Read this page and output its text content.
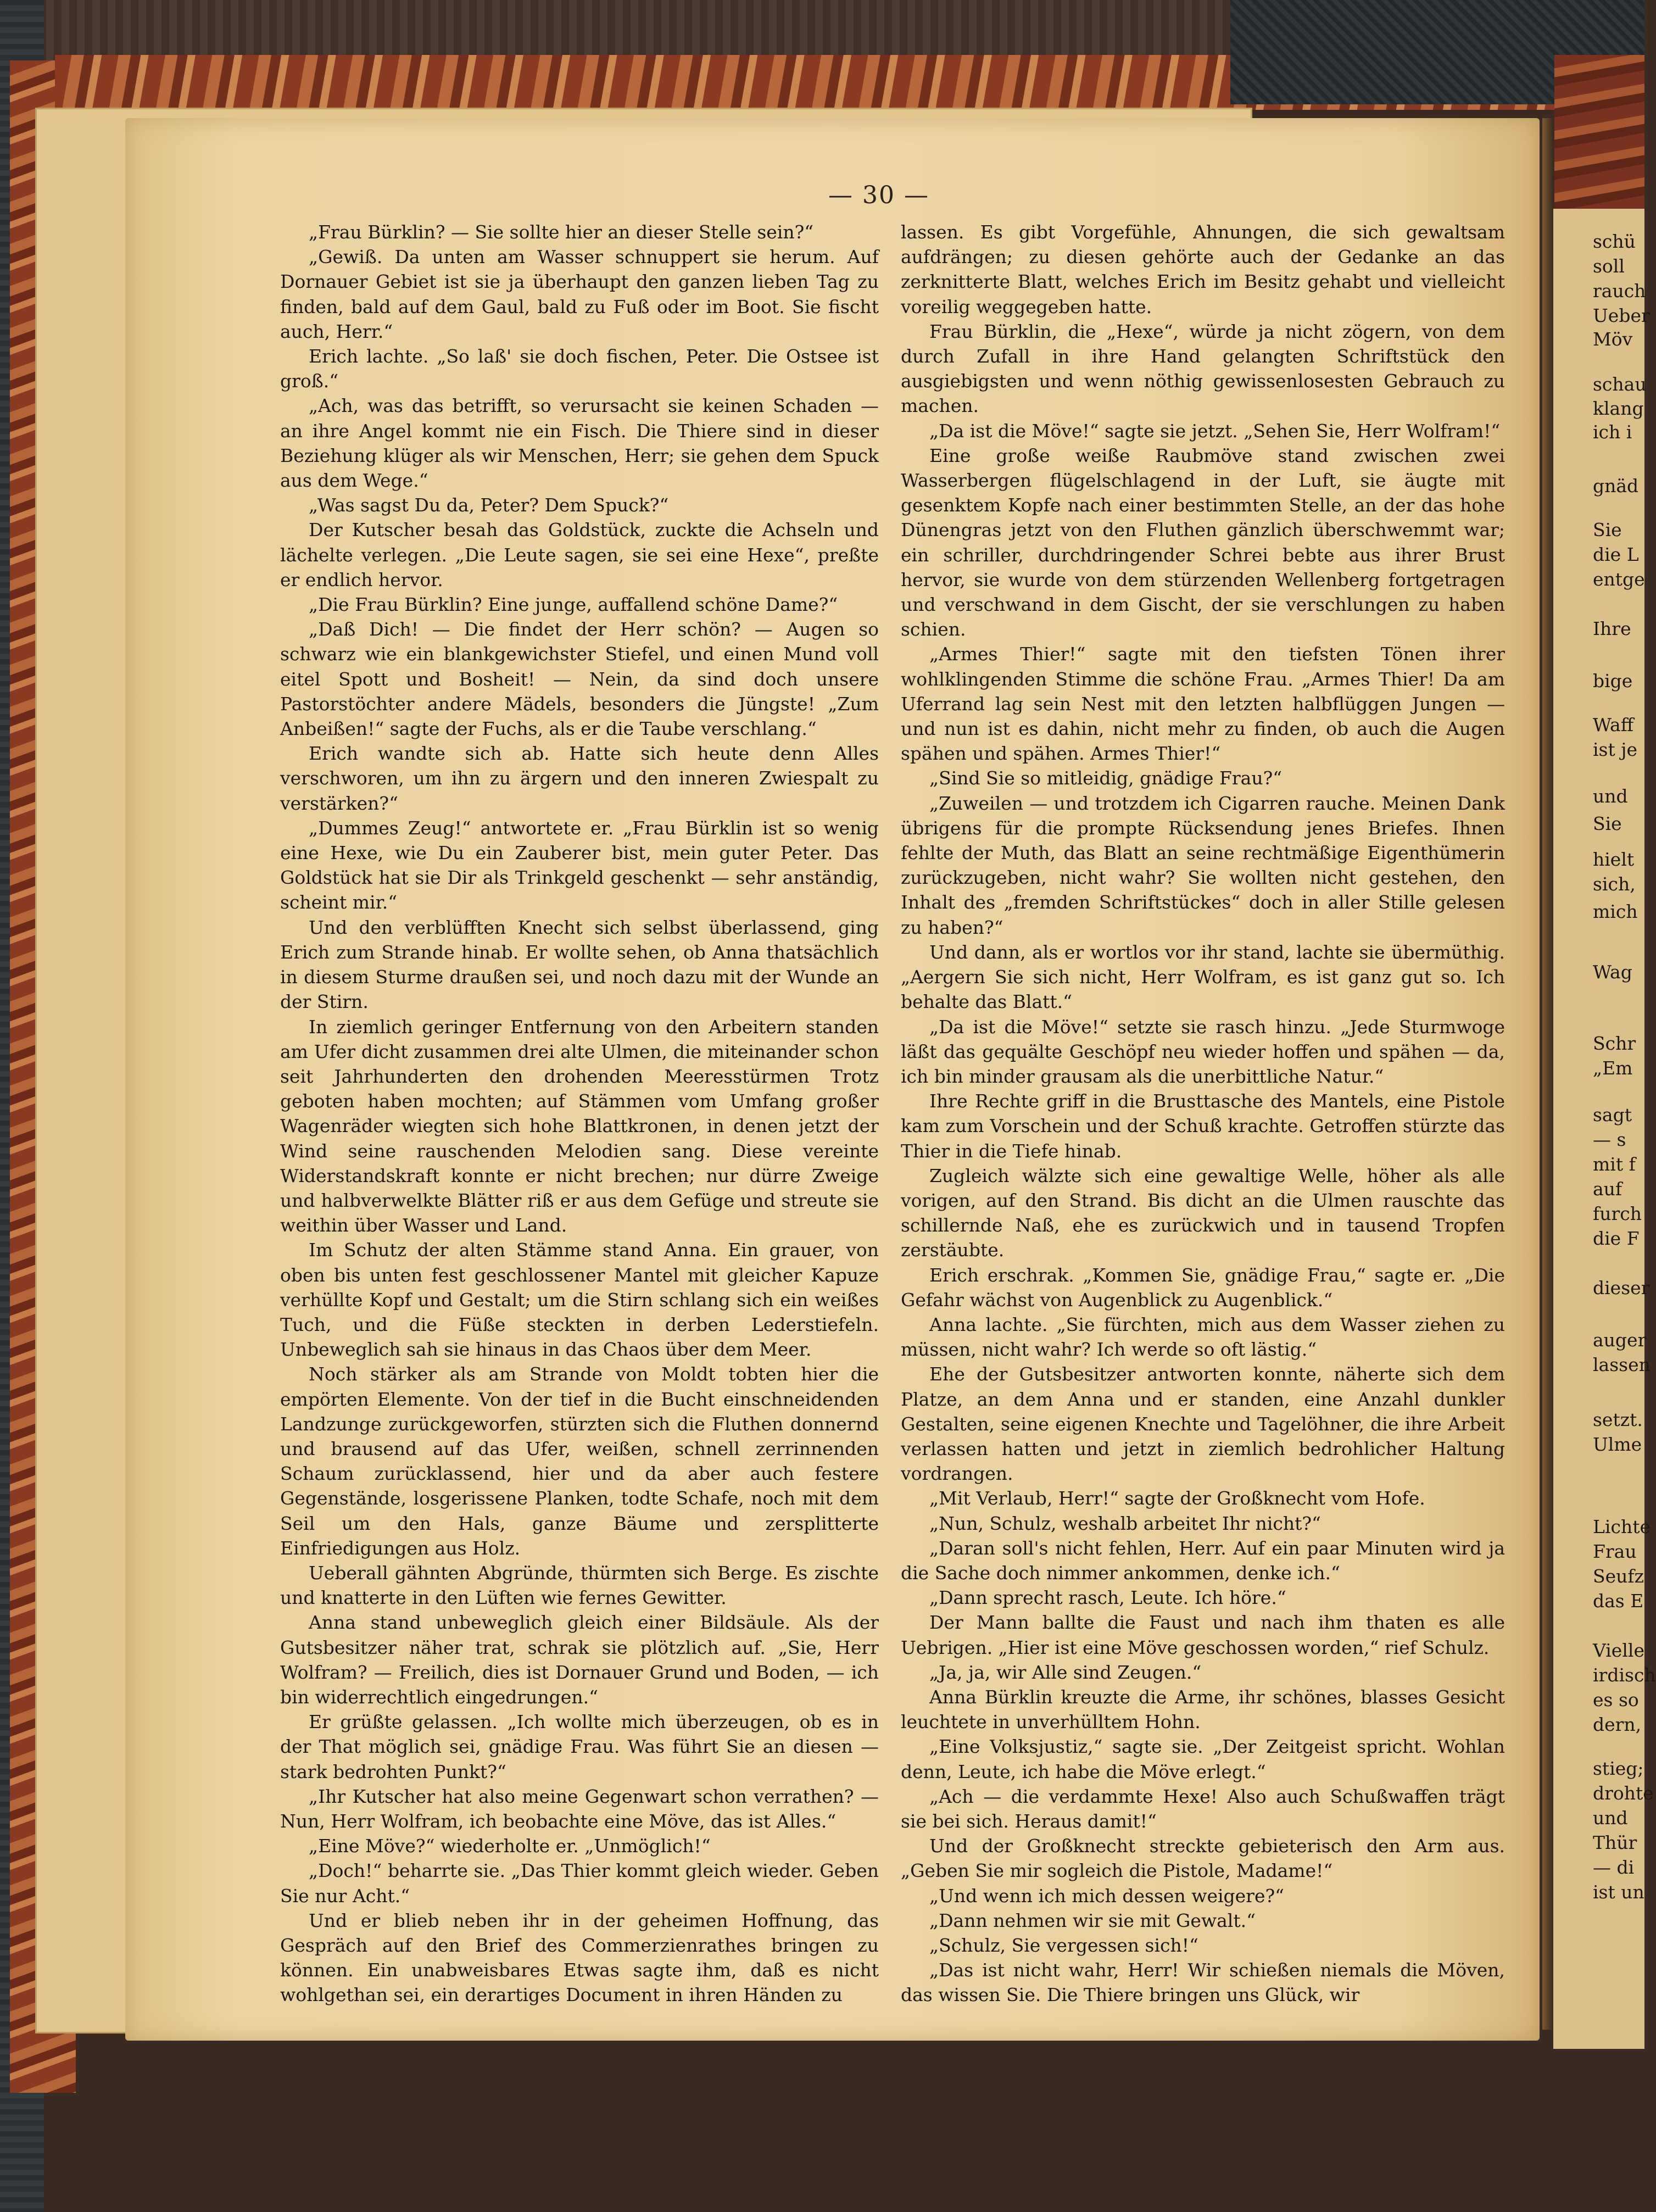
— 30 —

„Frau Bürklin? — Sie sollte hier an dieser Stelle sein?“

„Gewiß. Da unten am Wasser schnuppert sie herum. Auf Dornauer Gebiet ist sie ja überhaupt den ganzen lieben Tag zu finden, bald auf dem Gaul, bald zu Fuß oder im Boot. Sie fischt auch, Herr.“

Erich lachte. „So laß' sie doch fischen, Peter. Die Ostsee ist groß.“

„Ach, was das betrifft, so verursacht sie keinen Schaden — an ihre Angel kommt nie ein Fisch. Die Thiere sind in dieser Beziehung klüger als wir Menschen, Herr; sie gehen dem Spuck aus dem Wege.“

„Was sagst Du da, Peter? Dem Spuck?“

Der Kutscher besah das Goldstück, zuckte die Achseln und lächelte verlegen. „Die Leute sagen, sie sei eine Hexe“, preßte er endlich hervor.

„Die Frau Bürklin? Eine junge, auffallend schöne Dame?“

„Daß Dich! — Die findet der Herr schön? — Augen so schwarz wie ein blankgewichster Stiefel, und einen Mund voll eitel Spott und Bosheit! — Nein, da sind doch unsere Pastorstöchter andere Mädels, besonders die Jüngste! „Zum Anbeißen!“ sagte der Fuchs, als er die Taube verschlang.“

Erich wandte sich ab. Hatte sich heute denn Alles verschworen, um ihn zu ärgern und den inneren Zwiespalt zu verstärken?“

„Dummes Zeug!“ antwortete er. „Frau Bürklin ist so wenig eine Hexe, wie Du ein Zauberer bist, mein guter Peter. Das Goldstück hat sie Dir als Trinkgeld geschenkt — sehr anständig, scheint mir.“

Und den verblüfften Knecht sich selbst überlassend, ging Erich zum Strande hinab. Er wollte sehen, ob Anna thatsächlich in diesem Sturme draußen sei, und noch dazu mit der Wunde an der Stirn.

In ziemlich geringer Entfernung von den Arbeitern standen am Ufer dicht zusammen drei alte Ulmen, die miteinander schon seit Jahrhunderten den drohenden Meeresstürmen Trotz geboten haben mochten; auf Stämmen vom Umfang großer Wagenräder wiegten sich hohe Blattkronen, in denen jetzt der Wind seine rauschenden Melodien sang. Diese vereinte Widerstandskraft konnte er nicht brechen; nur dürre Zweige und halbverwelkte Blätter riß er aus dem Gefüge und streute sie weithin über Wasser und Land.

Im Schutz der alten Stämme stand Anna. Ein grauer, von oben bis unten fest geschlossener Mantel mit gleicher Kapuze verhüllte Kopf und Gestalt; um die Stirn schlang sich ein weißes Tuch, und die Füße steckten in derben Lederstiefeln. Unbeweglich sah sie hinaus in das Chaos über dem Meer.

Noch stärker als am Strande von Moldt tobten hier die empörten Elemente. Von der tief in die Bucht einschneidenden Landzunge zurückgeworfen, stürzten sich die Fluthen donnernd und brausend auf das Ufer, weißen, schnell zerrinnenden Schaum zurücklassend, hier und da aber auch festere Gegenstände, losgerissene Planken, todte Schafe, noch mit dem Seil um den Hals, ganze Bäume und zersplitterte Einfriedigungen aus Holz.

Ueberall gähnten Abgründe, thürmten sich Berge. Es zischte und knatterte in den Lüften wie fernes Gewitter.

Anna stand unbeweglich gleich einer Bildsäule. Als der Gutsbesitzer näher trat, schrak sie plötzlich auf. „Sie, Herr Wolfram? — Freilich, dies ist Dornauer Grund und Boden, — ich bin widerrechtlich eingedrungen.“

Er grüßte gelassen. „Ich wollte mich überzeugen, ob es in der That möglich sei, gnädige Frau. Was führt Sie an diesen — stark bedrohten Punkt?“

„Ihr Kutscher hat also meine Gegenwart schon verrathen? — Nun, Herr Wolfram, ich beobachte eine Möve, das ist Alles.“

„Eine Möve?“ wiederholte er. „Unmöglich!“

„Doch!“ beharrte sie. „Das Thier kommt gleich wieder. Geben Sie nur Acht.“

Und er blieb neben ihr in der geheimen Hoffnung, das Gespräch auf den Brief des Commerzienrathes bringen zu können. Ein unabweisbares Etwas sagte ihm, daß es nicht wohlgethan sei, ein derartiges Document in ihren Händen zu

lassen. Es gibt Vorgefühle, Ahnungen, die sich gewaltsam aufdrängen; zu diesen gehörte auch der Gedanke an das zerknitterte Blatt, welches Erich im Besitz gehabt und vielleicht voreilig weggegeben hatte.

Frau Bürklin, die „Hexe“, würde ja nicht zögern, von dem durch Zufall in ihre Hand gelangten Schriftstück den ausgiebigsten und wenn nöthig gewissenlosesten Gebrauch zu machen.

„Da ist die Möve!“ sagte sie jetzt. „Sehen Sie, Herr Wolfram!“

Eine große weiße Raubmöve stand zwischen zwei Wasserbergen flügelschlagend in der Luft, sie äugte mit gesenktem Kopfe nach einer bestimmten Stelle, an der das hohe Dünengras jetzt von den Fluthen gänzlich überschwemmt war; ein schriller, durchdringender Schrei bebte aus ihrer Brust hervor, sie wurde von dem stürzenden Wellenberg fortgetragen und verschwand in dem Gischt, der sie verschlungen zu haben schien.

„Armes Thier!“ sagte mit den tiefsten Tönen ihrer wohlklingenden Stimme die schöne Frau. „Armes Thier! Da am Uferrand lag sein Nest mit den letzten halbflüggen Jungen — und nun ist es dahin, nicht mehr zu finden, ob auch die Augen spähen und spähen. Armes Thier!“

„Sind Sie so mitleidig, gnädige Frau?“

„Zuweilen — und trotzdem ich Cigarren rauche. Meinen Dank übrigens für die prompte Rücksendung jenes Briefes. Ihnen fehlte der Muth, das Blatt an seine rechtmäßige Eigenthümerin zurückzugeben, nicht wahr? Sie wollten nicht gestehen, den Inhalt des „fremden Schriftstückes“ doch in aller Stille gelesen zu haben?“

Und dann, als er wortlos vor ihr stand, lachte sie übermüthig. „Aergern Sie sich nicht, Herr Wolfram, es ist ganz gut so. Ich behalte das Blatt.“

„Da ist die Möve!“ setzte sie rasch hinzu. „Jede Sturmwoge läßt das gequälte Geschöpf neu wieder hoffen und spähen — da, ich bin minder grausam als die unerbittliche Natur.“

Ihre Rechte griff in die Brusttasche des Mantels, eine Pistole kam zum Vorschein und der Schuß krachte. Getroffen stürzte das Thier in die Tiefe hinab.

Zugleich wälzte sich eine gewaltige Welle, höher als alle vorigen, auf den Strand. Bis dicht an die Ulmen rauschte das schillernde Naß, ehe es zurückwich und in tausend Tropfen zerstäubte.

Erich erschrak. „Kommen Sie, gnädige Frau,“ sagte er. „Die Gefahr wächst von Augenblick zu Augenblick.“

Anna lachte. „Sie fürchten, mich aus dem Wasser ziehen zu müssen, nicht wahr? Ich werde so oft lästig.“

Ehe der Gutsbesitzer antworten konnte, näherte sich dem Platze, an dem Anna und er standen, eine Anzahl dunkler Gestalten, seine eigenen Knechte und Tagelöhner, die ihre Arbeit verlassen hatten und jetzt in ziemlich bedrohlicher Haltung vordrangen.

„Mit Verlaub, Herr!“ sagte der Großknecht vom Hofe.

„Nun, Schulz, weshalb arbeitet Ihr nicht?“

„Daran soll's nicht fehlen, Herr. Auf ein paar Minuten wird ja die Sache doch nimmer ankommen, denke ich.“

„Dann sprecht rasch, Leute. Ich höre.“

Der Mann ballte die Faust und nach ihm thaten es alle Uebrigen. „Hier ist eine Möve geschossen worden,“ rief Schulz.

„Ja, ja, wir Alle sind Zeugen.“

Anna Bürklin kreuzte die Arme, ihr schönes, blasses Gesicht leuchtete in unverhülltem Hohn.

„Eine Volksjustiz,“ sagte sie. „Der Zeitgeist spricht. Wohlan denn, Leute, ich habe die Möve erlegt.“

„Ach — die verdammte Hexe! Also auch Schußwaffen trägt sie bei sich. Heraus damit!“

Und der Großknecht streckte gebieterisch den Arm aus. „Geben Sie mir sogleich die Pistole, Madame!“

„Und wenn ich mich dessen weigere?“

„Dann nehmen wir sie mit Gewalt.“

„Schulz, Sie vergessen sich!“

„Das ist nicht wahr, Herr! Wir schießen niemals die Möven, das wissen Sie. Die Thiere bringen uns Glück, wir

schü
soll
rauch
Ueber
Möv
schau
klang
ich i
gnäd
Sie
die L
entge
Ihre
bige
Waff
ist je
und
Sie
hielt
sich,
mich
Wag
Schr
„Em
sagt
— s
mit f
auf
furch
die F
dieser
auger
lassen
setzt.
Ulme
Lichte
Frau
Seufz
das E
Vielle
irdisch
es so
dern,
stieg;
drohte
und
Thür
— di
ist un
